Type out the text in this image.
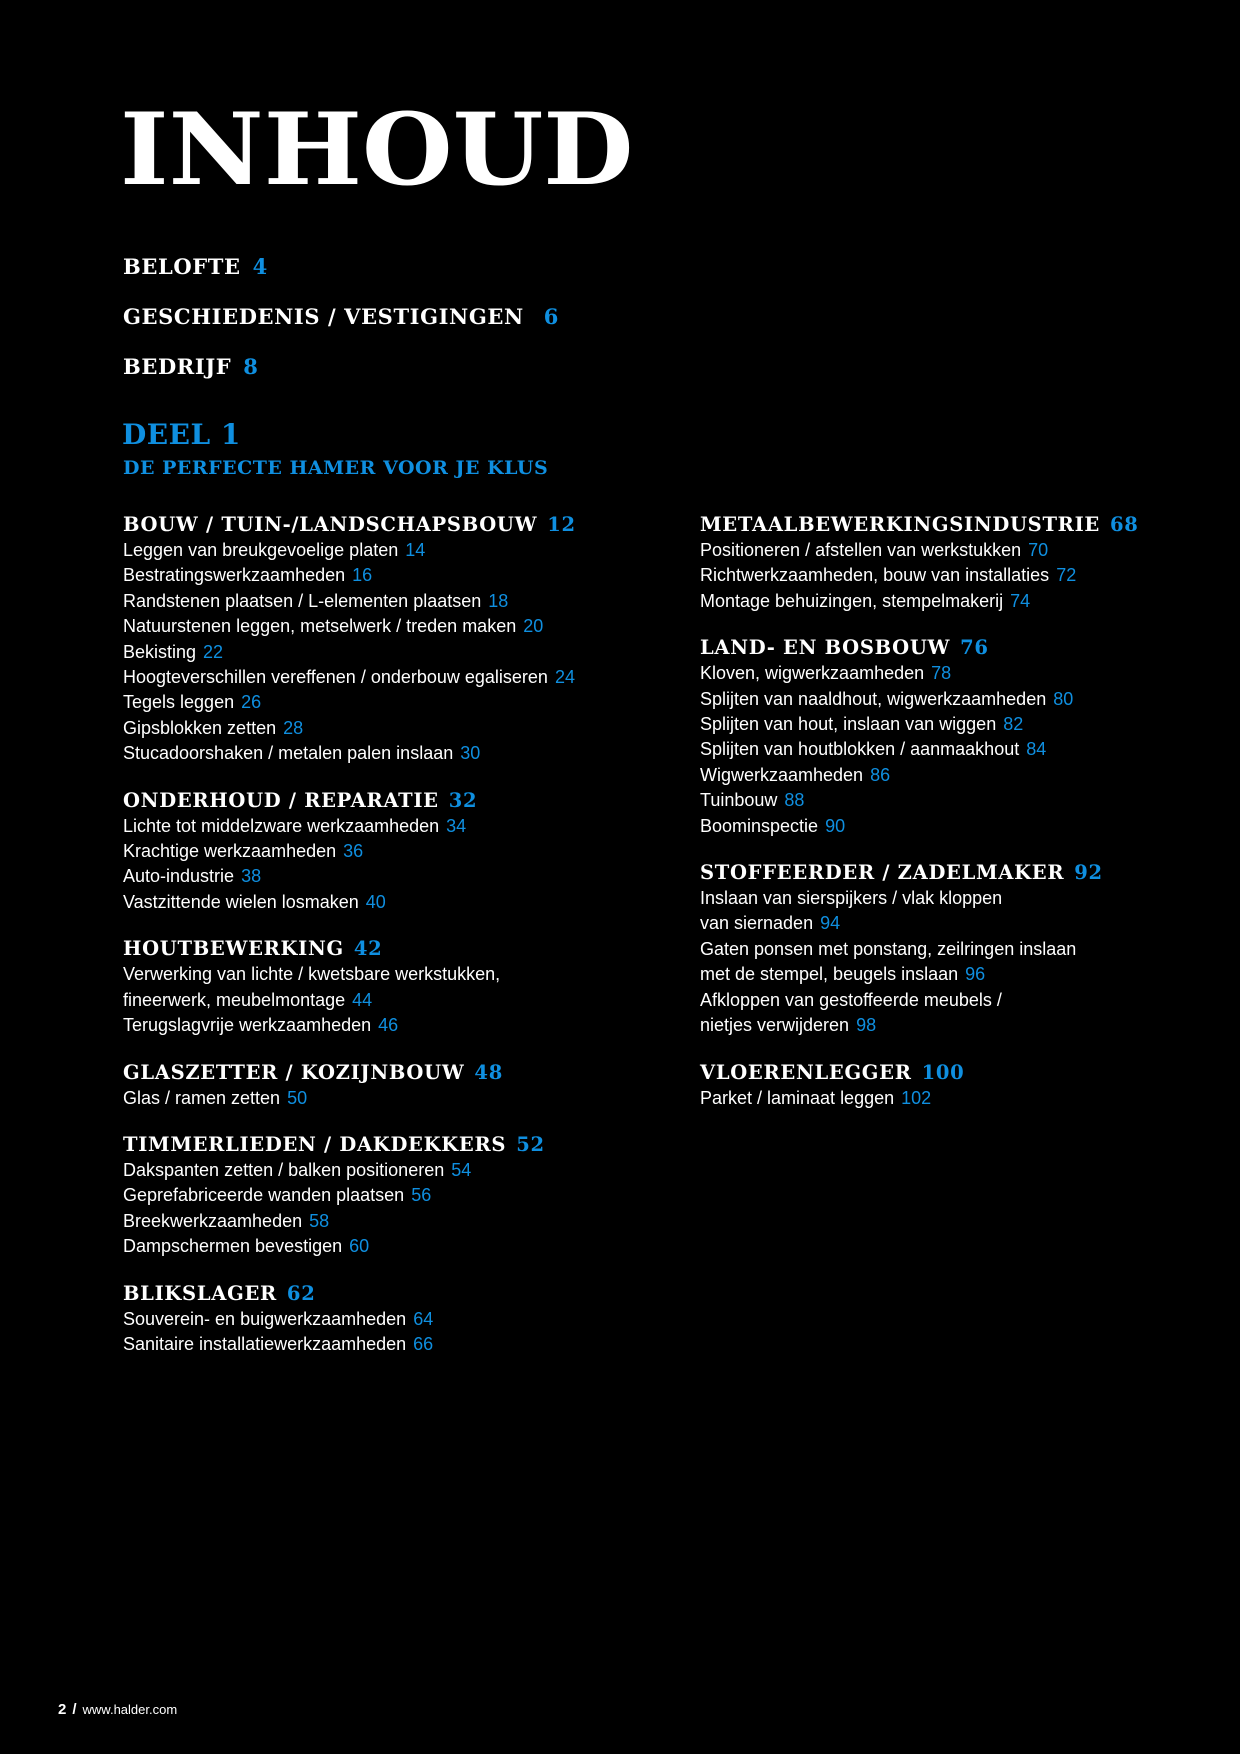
INHOUD
BELOFTE 4
GESCHIEDENIS / VESTIGINGEN 6
BEDRIJF 8
DEEL 1
DE PERFECTE HAMER VOOR JE KLUS
BOUW / TUIN-/LANDSCHAPSBOUW 12
Leggen van breukgevoelige platen 14
Bestratingswerkzaamheden 16
Randstenen plaatsen / L-elementen plaatsen 18
Natuurstenen leggen, metselwerk / treden maken 20
Bekisting 22
Hoogteverschillen vereffenen / onderbouw egaliseren 24
Tegels leggen 26
Gipsblokken zetten 28
Stucadoorshaken / metalen palen inslaan 30
ONDERHOUD / REPARATIE 32
Lichte tot middelzware werkzaamheden 34
Krachtige werkzaamheden 36
Auto-industrie 38
Vastzittende wielen losmaken 40
HOUTBEWERKING 42
Verwerking van lichte / kwetsbare werkstukken,
fineerwerk, meubelmontage 44
Terugslagvrije werkzaamheden 46
GLASZETTER / KOZIJNBOUW 48
Glas / ramen zetten 50
TIMMERLIEDEN / DAKDEKKERS 52
Dakspanten zetten / balken positioneren 54
Geprefabriceerde wanden plaatsen 56
Breekwerkzaamheden 58
Dampschermen bevestigen 60
BLIKSLAGER 62
Souverein- en buigwerkzaamheden 64
Sanitaire installatiewerkzaamheden 66
METAALBEWERKINGSINDUSTRIE 68
Positioneren / afstellen van werkstukken 70
Richtwerkzaamheden, bouw van installaties 72
Montage behuizingen, stempelmakerij 74
LAND- EN BOSBOUW 76
Kloven, wigwerkzaamheden 78
Splijten van naaldhout, wigwerkzaamheden 80
Splijten van hout, inslaan van wiggen 82
Splijten van houtblokken / aanmaakhout 84
Wigwerkzaamheden 86
Tuinbouw 88
Boominspectie 90
STOFFEERDER / ZADELMAKER 92
Inslaan van sierspijkers / vlak kloppen
van siernaden 94
Gaten ponsen met ponstang, zeilringen inslaan
met de stempel, beugels inslaan 96
Afkloppen van gestoffeerde meubels /
nietjes verwijderen 98
VLOERENLEGGER 100
Parket / laminaat leggen 102
2 / www.halder.com
